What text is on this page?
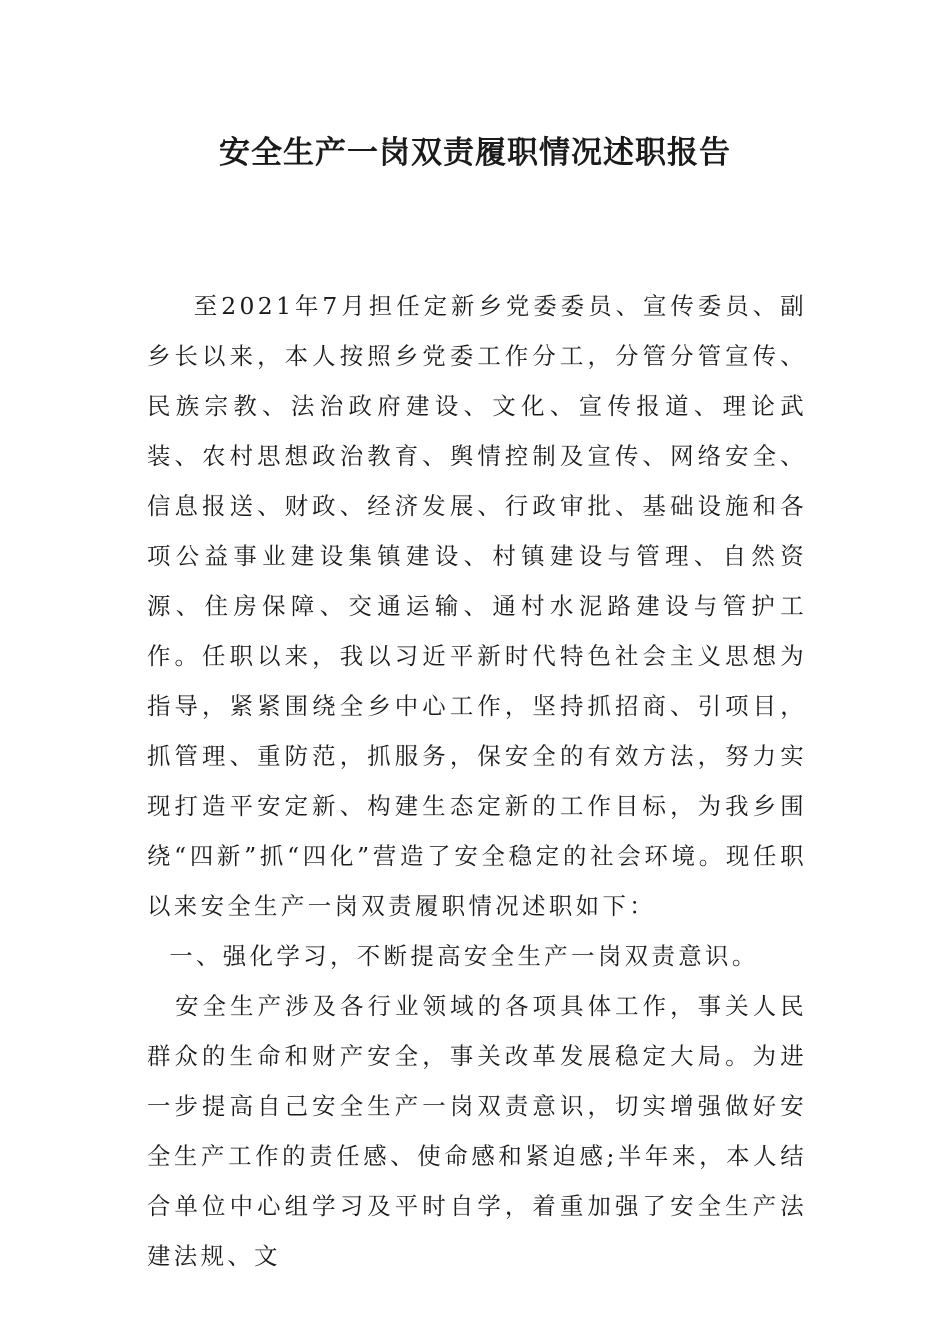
安全生产一岗双责履职情况述职报告

至2021年7月担任定新乡党委委员、宣传委员、副乡长以来，本人按照乡党委工作分工，分管分管宣传、民族宗教、法治政府建设、文化、宣传报道、理论武装、农村思想政治教育、舆情控制及宣传、网络安全、信息报送、财政、经济发展、行政审批、基础设施和各项公益事业建设集镇建设、村镇建设与管理、自然资源、住房保障、交通运输、通村水泥路建设与管护工作。任职以来，我以习近平新时代特色社会主义思想为指导，紧紧围绕全乡中心工作，坚持抓招商、引项目，抓管理、重防范，抓服务，保安全的有效方法，努力实现打造平安定新、构建生态定新的工作目标，为我乡围绕“四新”抓“四化”营造了安全稳定的社会环境。现任职以来安全生产一岗双责履职情况述职如下：

一、强化学习，不断提高安全生产一岗双责意识。

安全生产涉及各行业领域的各项具体工作，事关人民群众的生命和财产安全，事关改革发展稳定大局。为进一步提高自己安全生产一岗双责意识，切实增强做好安全生产工作的责任感、使命感和紧迫感;半年来，本人结合单位中心组学习及平时自学，着重加强了安全生产法建法规、文
